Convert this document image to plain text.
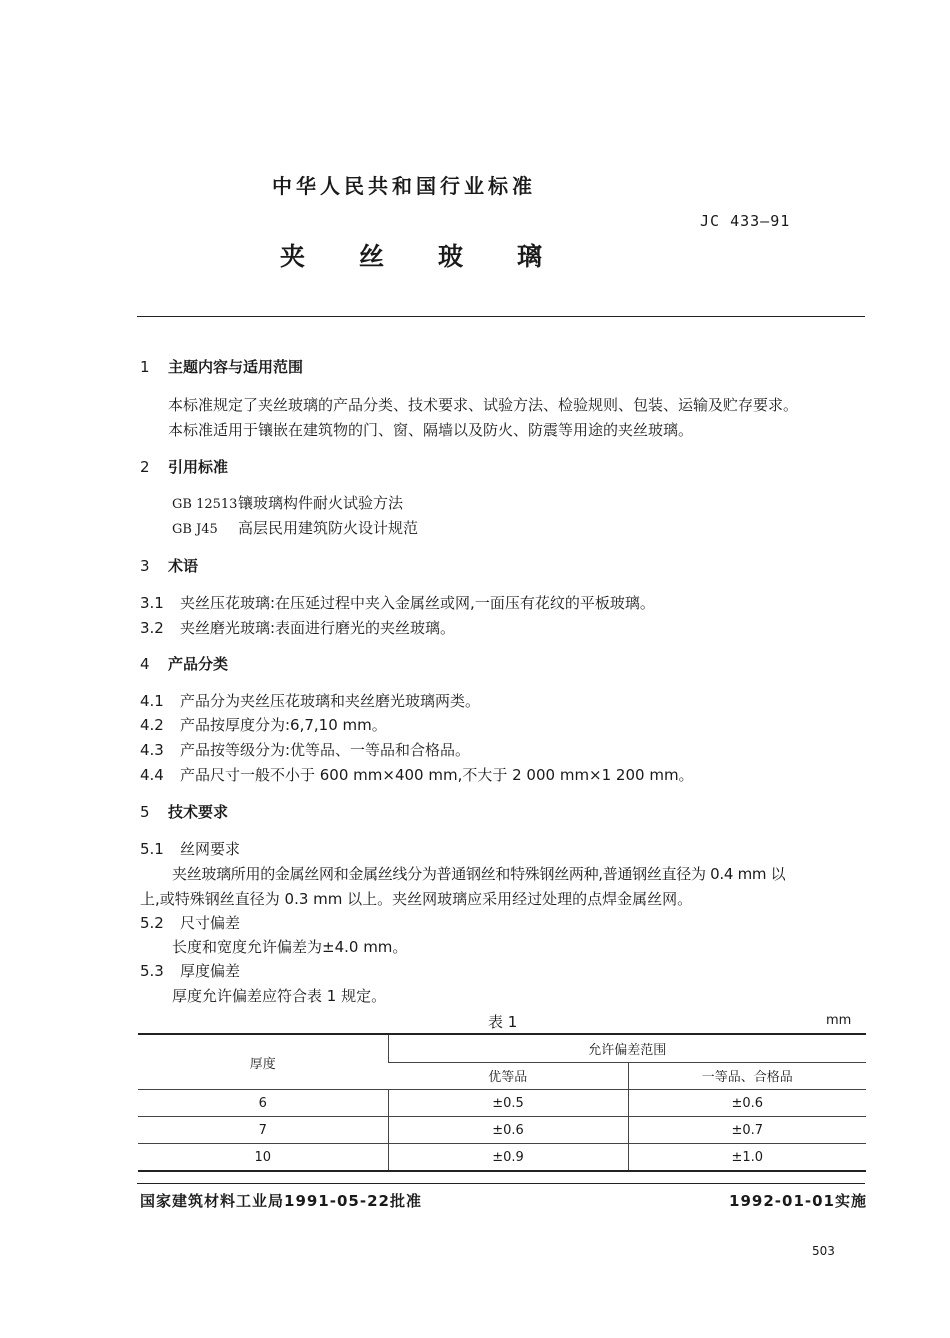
中华人民共和国行业标准
JC 433—91
夹 丝 玻 璃
1 主题内容与适用范围
本标准规定了夹丝玻璃的产品分类、技术要求、试验方法、检验规则、包装、运输及贮存要求。
本标准适用于镶嵌在建筑物的门、窗、隔墙以及防火、防震等用途的夹丝玻璃。
2 引用标准
GB 12513镶玻璃构件耐火试验方法
GB J45 高层民用建筑防火设计规范
3 术语
3.1 夹丝压花玻璃:在压延过程中夹入金属丝或网,一面压有花纹的平板玻璃。
3.2 夹丝磨光玻璃:表面进行磨光的夹丝玻璃。
4 产品分类
4.1 产品分为夹丝压花玻璃和夹丝磨光玻璃两类。
4.2 产品按厚度分为:6,7,10 mm。
4.3 产品按等级分为:优等品、一等品和合格品。
4.4 产品尺寸一般不小于 600 mm×400 mm,不大于 2 000 mm×1 200 mm。
5 技术要求
5.1 丝网要求
夹丝玻璃所用的金属丝网和金属丝线分为普通钢丝和特殊钢丝两种,普通钢丝直径为 0.4 mm 以
上,或特殊钢丝直径为 0.3 mm 以上。夹丝网玻璃应采用经过处理的点焊金属丝网。
5.2 尺寸偏差
长度和宽度允许偏差为±4.0 mm。
5.3 厚度偏差
厚度允许偏差应符合表 1 规定。
表 1	mm
厚度	允许偏差范围	
	优等品	一等品、合格品
6	±0.5	±0.6
7	±0.6	±0.7
10	±0.9	±1.0
国家建筑材料工业局1991-05-22批准	1992-01-01实施
503
